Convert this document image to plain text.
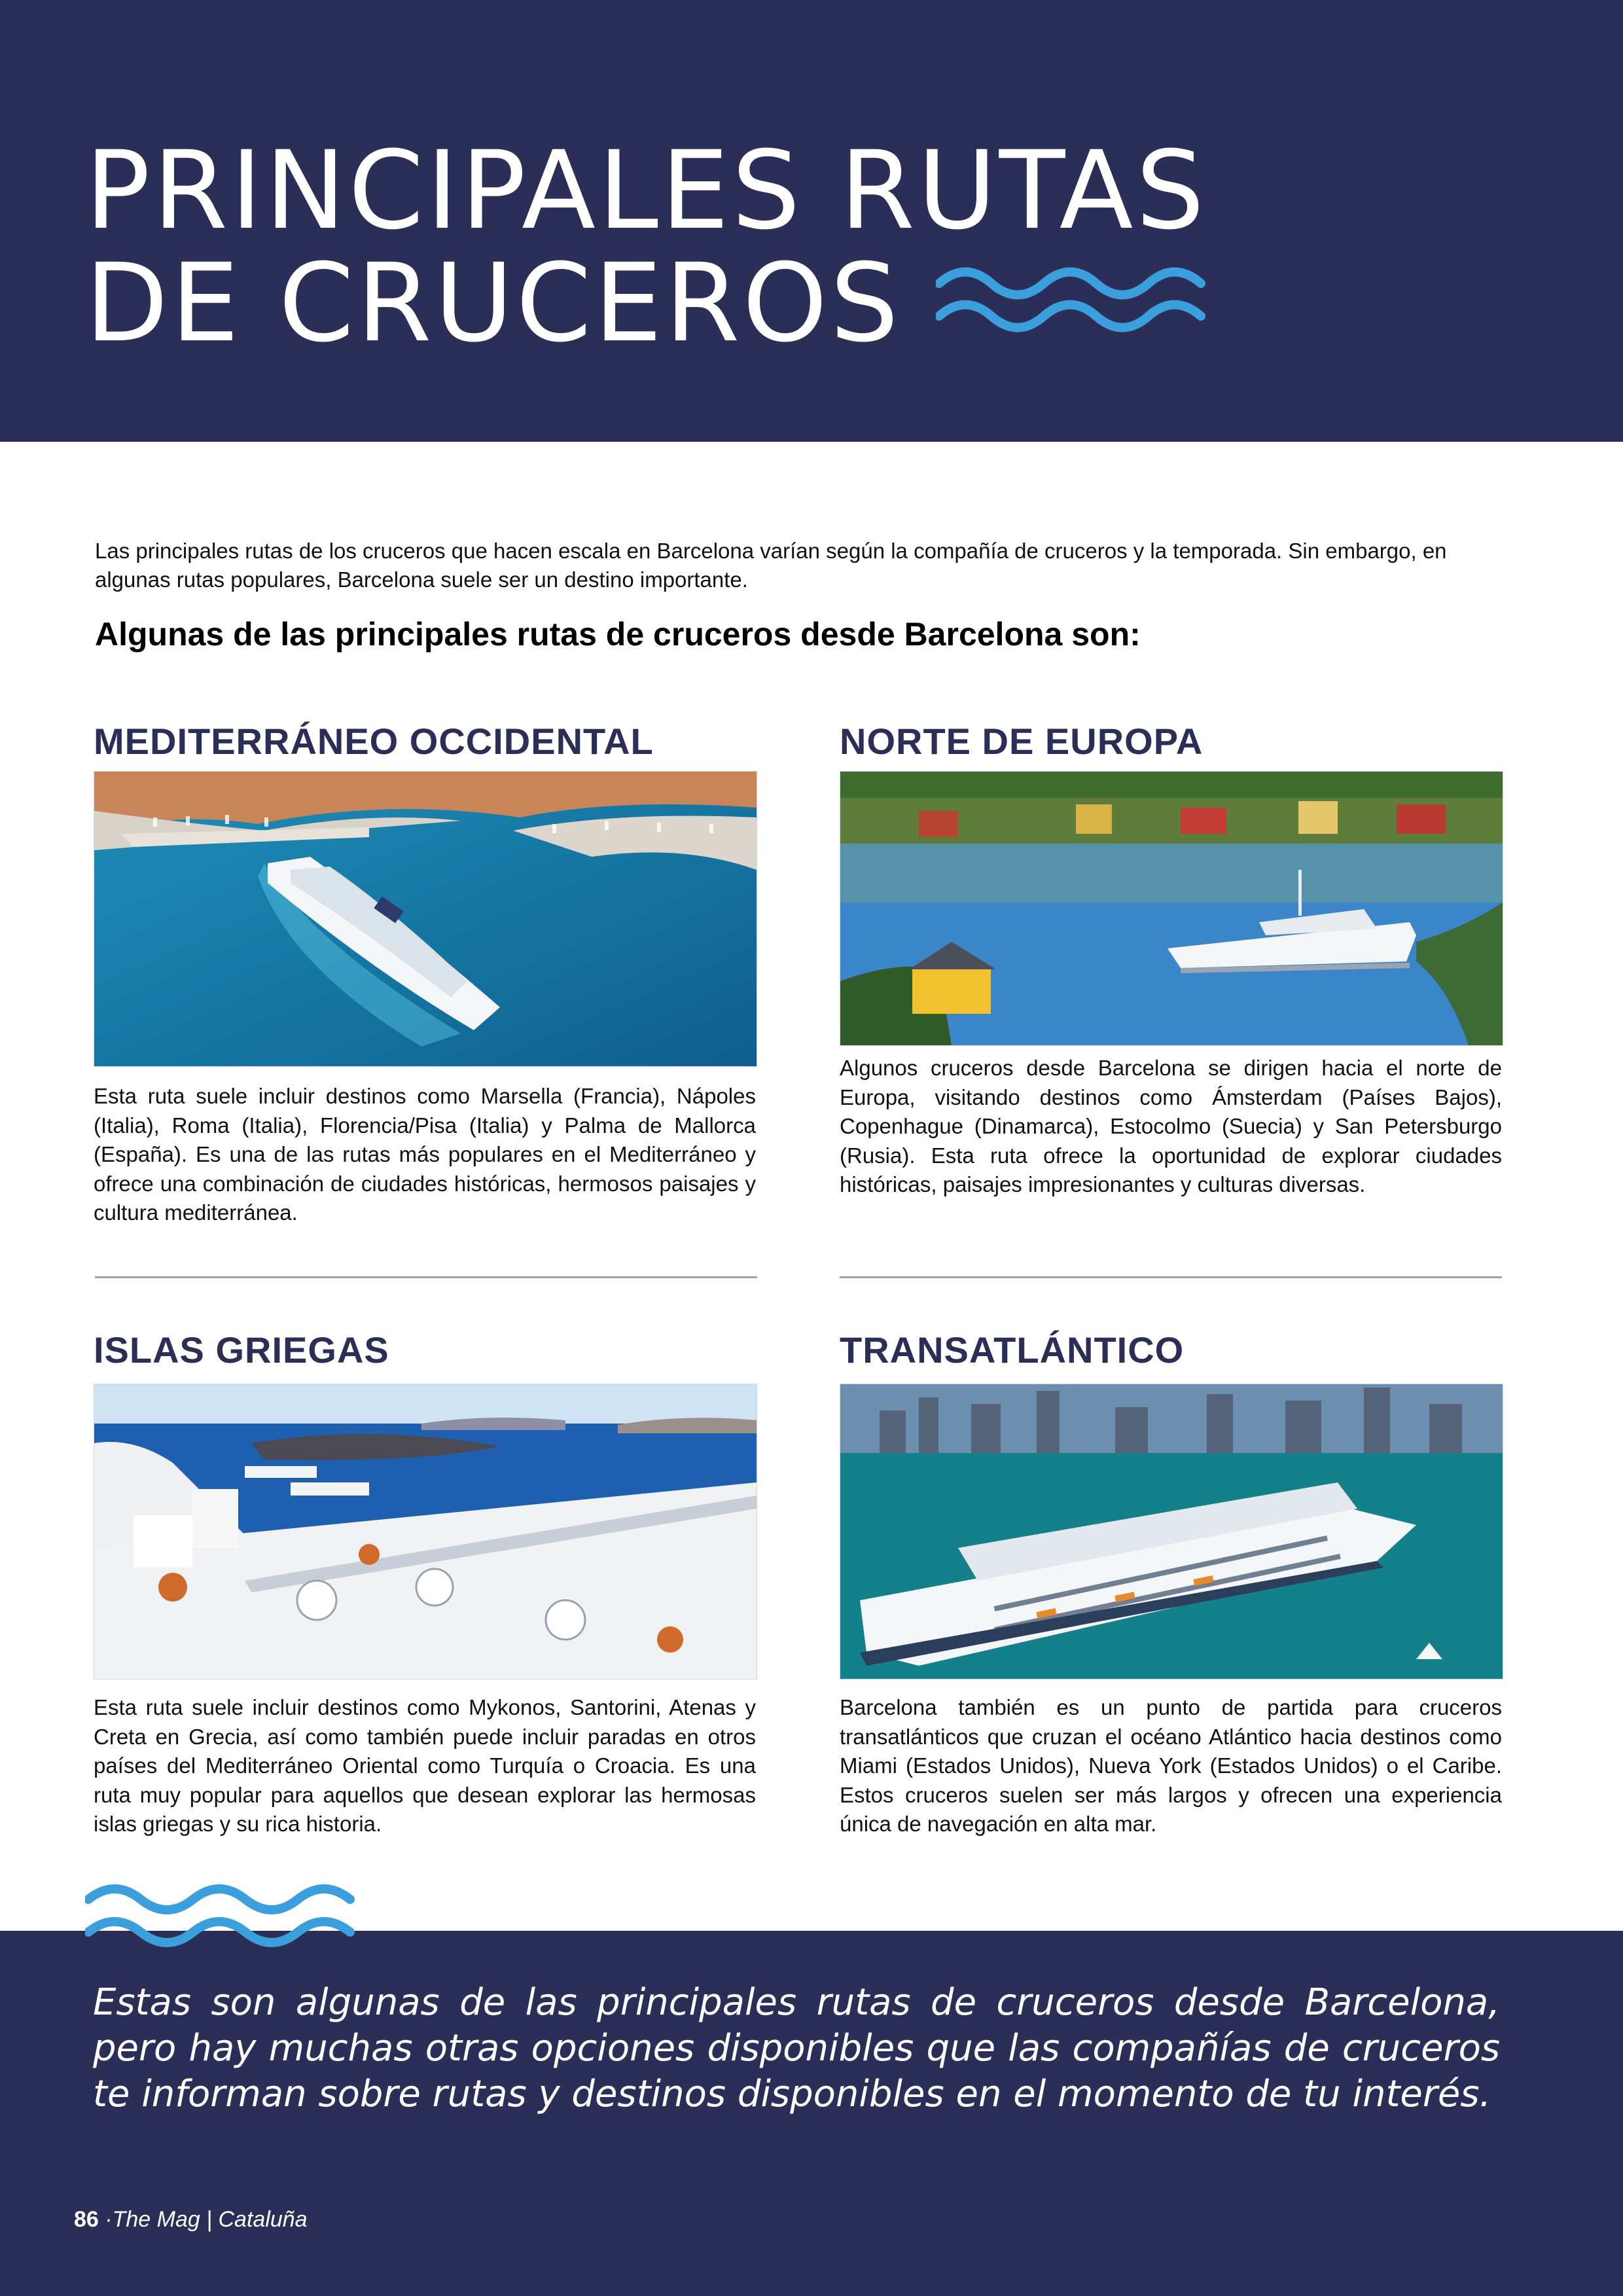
PRINCIPALES RUTAS
DE CRUCEROS

Las principales rutas de los cruceros que hacen escala en Barcelona varían según la compañía de cruceros y la temporada. Sin embargo, en algunas rutas populares, Barcelona suele ser un destino importante.

Algunas de las principales rutas de cruceros desde Barcelona son:
MEDITERRÁNEO OCCIDENTAL

Esta ruta suele incluir destinos como Marsella (Francia), Nápoles (Italia), Roma (Italia), Florencia/Pisa (Italia) y Palma de Mallorca (España). Es una de las rutas más populares en el Mediterráneo y ofrece una combinación de ciudades históricas, hermosos paisajes y cultura mediterránea.

NORTE DE EUROPA

Algunos cruceros desde Barcelona se dirigen hacia el norte de Europa, visitando destinos como Ámsterdam (Países Bajos), Copenhague (Dinamarca), Estocolmo (Suecia) y San Petersburgo (Rusia). Esta ruta ofrece la oportunidad de explorar ciudades históricas, paisajes impresionantes y culturas diversas.

ISLAS GRIEGAS

Esta ruta suele incluir destinos como Mykonos, Santorini, Atenas y Creta en Grecia, así como también puede incluir paradas en otros países del Mediterráneo Oriental como Turquía o Croacia. Es una ruta muy popular para aquellos que desean explorar las hermosas islas griegas y su rica historia.

TRANSATLÁNTICO

Barcelona también es un punto de partida para cruceros transatlánticos que cruzan el océano Atlántico hacia destinos como Miami (Estados Unidos), Nueva York (Estados Unidos) o el Caribe. Estos cruceros suelen ser más largos y ofrecen una experiencia única de navegación en alta mar.

Estas son algunas de las principales rutas de cruceros desde Barcelona, pero hay muchas otras opciones disponibles que las compañías de cruceros te informan sobre rutas y destinos disponibles en el momento de tu interés.

86 ·The Mag | Cataluña
